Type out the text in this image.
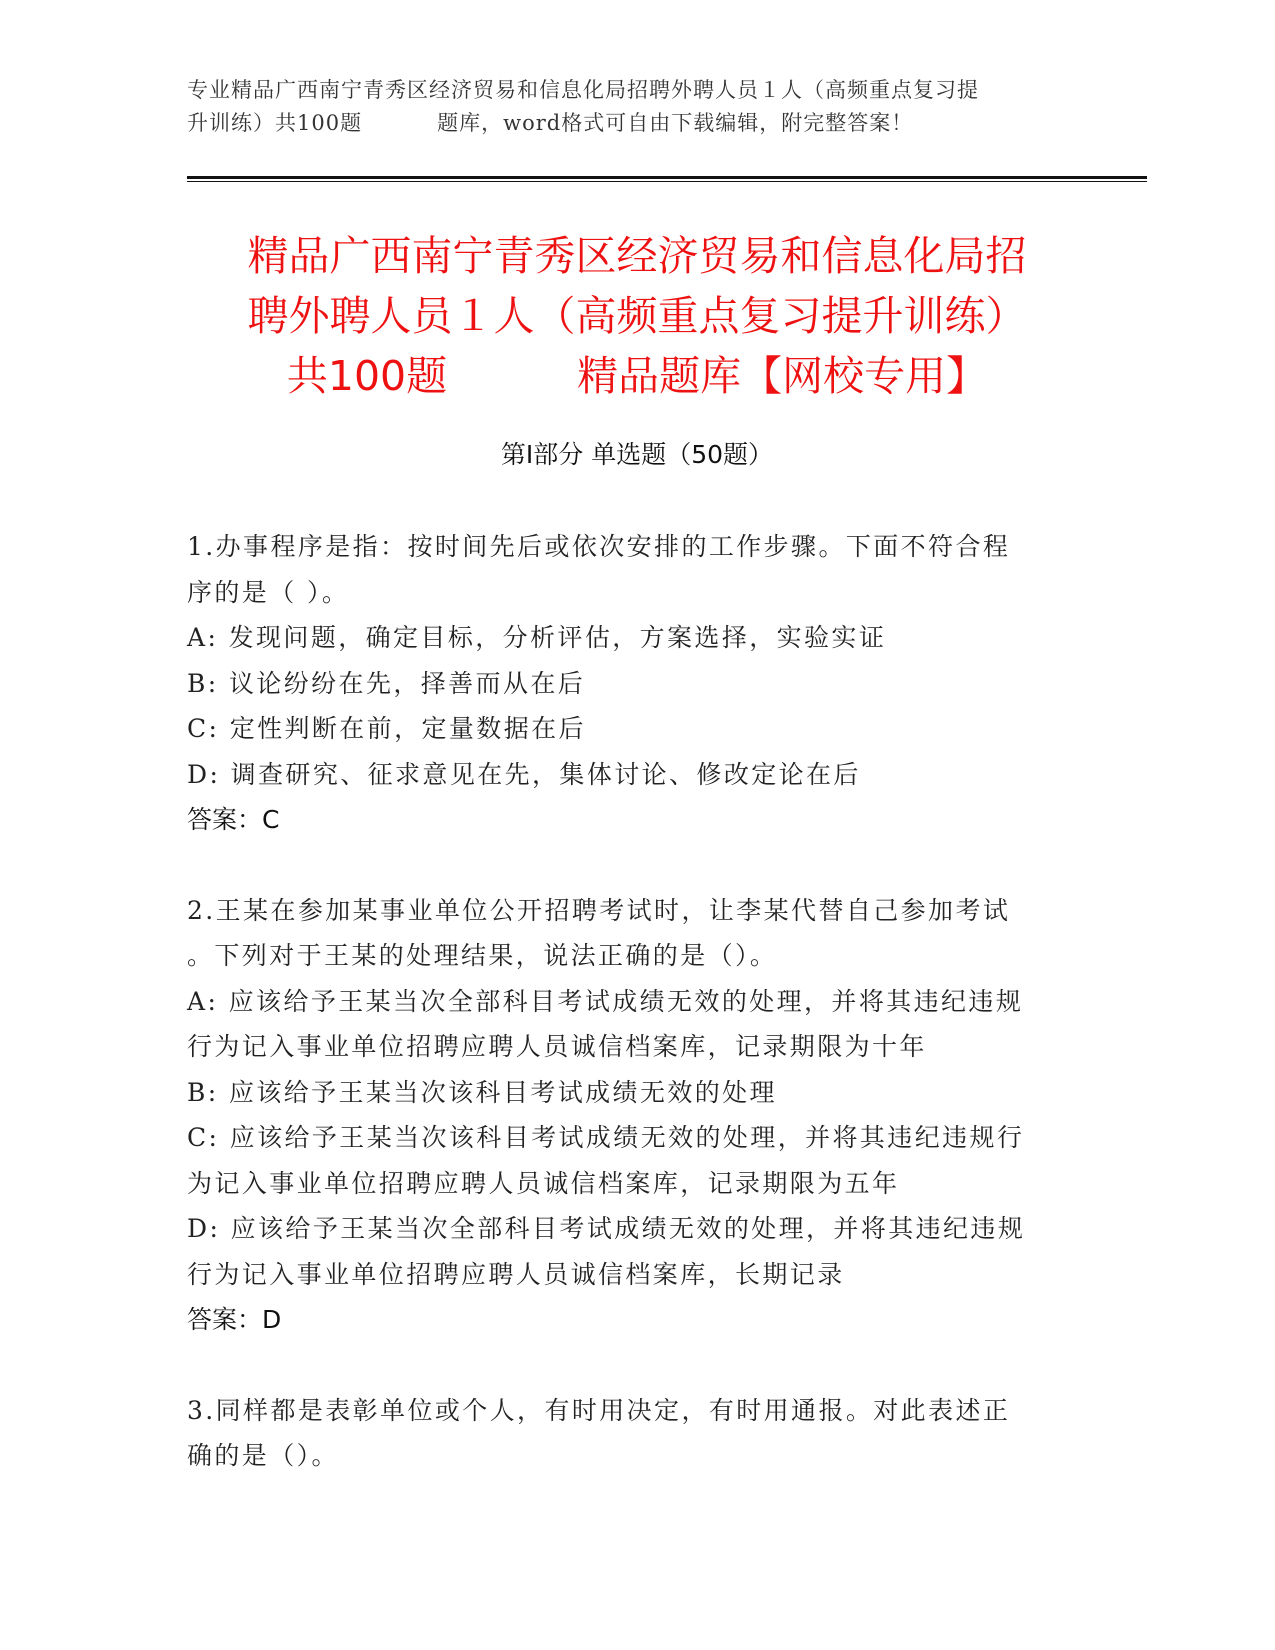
专业精品广西南宁青秀区经济贸易和信息化局招聘外聘人员１人（高频重点复习提
升训练）共100题	题库，word格式可自由下载编辑，附完整答案！
精品广西南宁青秀区经济贸易和信息化局招
聘外聘人员１人（高频重点复习提升训练）
共100题	精品题库【网校专用】
第Ⅰ部分 单选题（50题）

1.办事程序是指：按时间先后或依次安排的工作步骤。下面不符合程

序的是（ ）。

A: 发现问题，确定目标，分析评估，方案选择，实验实证

B: 议论纷纷在先，择善而从在后

C: 定性判断在前，定量数据在后

D: 调查研究、征求意见在先，集体讨论、修改定论在后

答案：C

2.王某在参加某事业单位公开招聘考试时，让李某代替自己参加考试

。下列对于王某的处理结果，说法正确的是（）。

A: 应该给予王某当次全部科目考试成绩无效的处理，并将其违纪违规

行为记入事业单位招聘应聘人员诚信档案库，记录期限为十年

B: 应该给予王某当次该科目考试成绩无效的处理

C: 应该给予王某当次该科目考试成绩无效的处理，并将其违纪违规行

为记入事业单位招聘应聘人员诚信档案库，记录期限为五年

D: 应该给予王某当次全部科目考试成绩无效的处理，并将其违纪违规

行为记入事业单位招聘应聘人员诚信档案库，长期记录

答案：D

3.同样都是表彰单位或个人，有时用决定，有时用通报。对此表述正

确的是（）。
